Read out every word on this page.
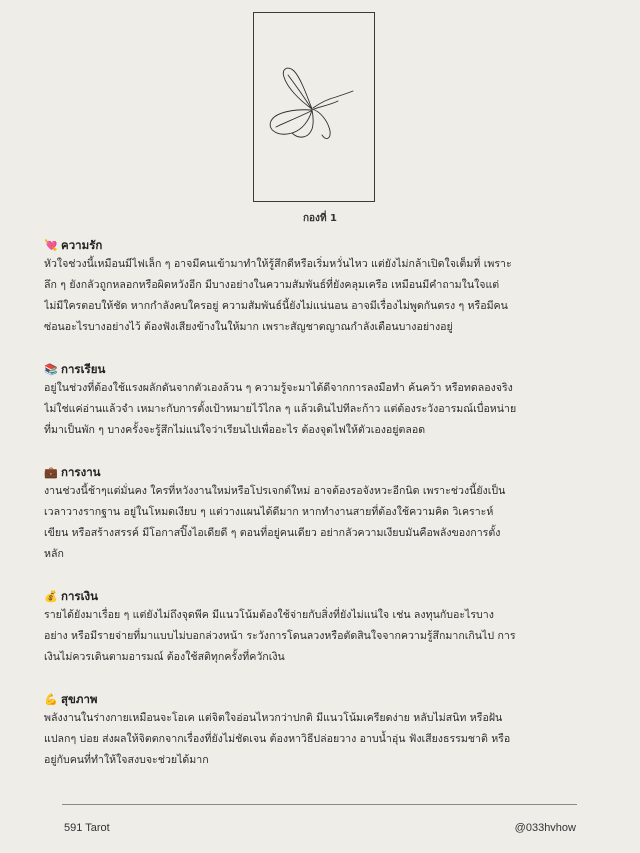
กองที่ 1
💘 ความรัก
หัวใจช่วงนี้เหมือนมีไฟเล็ก ๆ อาจมีคนเข้ามาทำให้รู้สึกดีหรือเริ่มหวั่นไหว แต่ยังไม่กล้าเปิดใจเต็มที่ เพราะ
ลึก ๆ ยังกลัวถูกหลอกหรือผิดหวังอีก มีบางอย่างในความสัมพันธ์ที่ยังคลุมเครือ เหมือนมีคำถามในใจแต่
ไม่มีใครตอบให้ชัด หากกำลังคบใครอยู่ ความสัมพันธ์นี้ยังไม่แน่นอน อาจมีเรื่องไม่พูดกันตรง ๆ หรือมีคน
ซ่อนอะไรบางอย่างไว้ ต้องฟังเสียงข้างในให้มาก เพราะสัญชาตญาณกำลังเตือนบางอย่างอยู่
📚 การเรียน
อยู่ในช่วงที่ต้องใช้แรงผลักดันจากตัวเองล้วน ๆ ความรู้จะมาได้ดีจากการลงมือทำ ค้นคว้า หรือทดลองจริง
ไม่ใช่แค่อ่านแล้วจำ เหมาะกับการตั้งเป้าหมายไว้ไกล ๆ แล้วเดินไปทีละก้าว แต่ต้องระวังอารมณ์เบื่อหน่าย
ที่มาเป็นพัก ๆ บางครั้งจะรู้สึกไม่แน่ใจว่าเรียนไปเพื่ออะไร ต้องจุดไฟให้ตัวเองอยู่ตลอด
💼 การงาน
งานช่วงนี้ช้าๆแต่มั่นคง ใครที่หวังงานใหม่หรือโปรเจกต์ใหม่ อาจต้องรอจังหวะอีกนิด เพราะช่วงนี้ยังเป็น
เวลาวางรากฐาน อยู่ในโหมดเงียบ ๆ แต่วางแผนได้ดีมาก หากทำงานสายที่ต้องใช้ความคิด วิเคราะห์
เขียน หรือสร้างสรรค์ มีโอกาสปิ๊งไอเดียดี ๆ ตอนที่อยู่คนเดียว อย่ากลัวความเงียบมันคือพลังของการตั้ง
หลัก
💰 การเงิน
รายได้ยังมาเรื่อย ๆ แต่ยังไม่ถึงจุดพีค มีแนวโน้มต้องใช้จ่ายกับสิ่งที่ยังไม่แน่ใจ เช่น ลงทุนกับอะไรบาง
อย่าง หรือมีรายจ่ายที่มาแบบไม่บอกล่วงหน้า ระวังการโดนลวงหรือตัดสินใจจากความรู้สึกมากเกินไป การ
เงินไม่ควรเดินตามอารมณ์ ต้องใช้สติทุกครั้งที่ควักเงิน
💪 สุขภาพ
พลังงานในร่างกายเหมือนจะโอเค แต่จิตใจอ่อนไหวกว่าปกติ มีแนวโน้มเครียดง่าย หลับไม่สนิท หรือฝัน
แปลกๆ บ่อย ส่งผลให้จิตตกจากเรื่องที่ยังไม่ชัดเจน ต้องหาวิธีปล่อยวาง อาบน้ำอุ่น ฟังเสียงธรรมชาติ หรือ
อยู่กับคนที่ทำให้ใจสงบจะช่วยได้มาก
591 Tarot	@033hvhow
